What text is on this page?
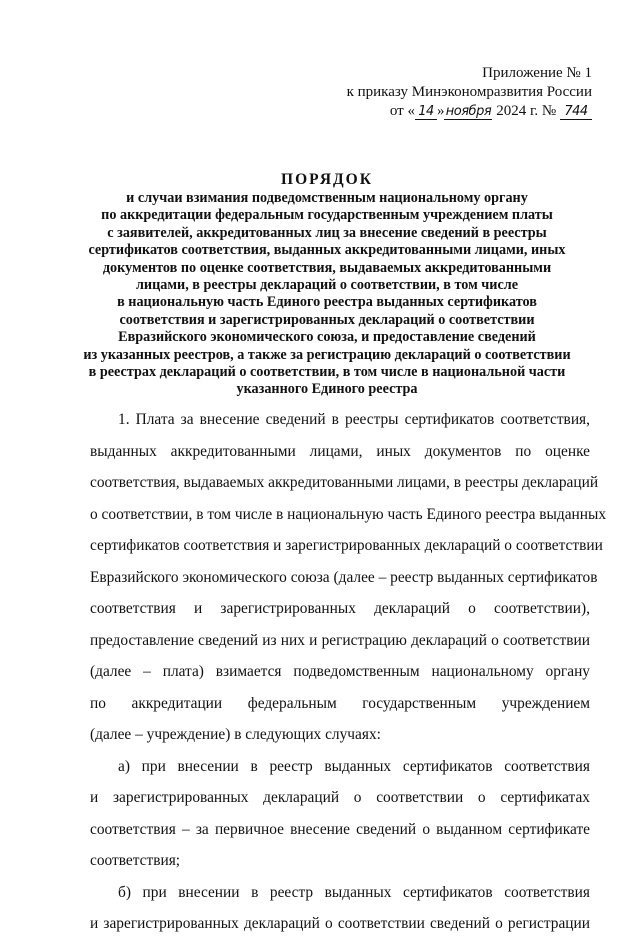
Приложение № 1
к приказу Минэкономразвития России
от « 14 »ноября 2024 г. № 744
ПОРЯДОК
и случаи взимания подведомственным национальному органу
по аккредитации федеральным государственным учреждением платы
с заявителей, аккредитованных лиц за внесение сведений в реестры
сертификатов соответствия, выданных аккредитованными лицами, иных
документов по оценке соответствия, выдаваемых аккредитованными
лицами, в реестры деклараций о соответствии, в том числе
в национальную часть Единого реестра выданных сертификатов
соответствия и зарегистрированных деклараций о соответствии
Евразийского экономического союза, и предоставление сведений
из указанных реестров, а также за регистрацию деклараций о соответствии
в реестрах деклараций о соответствии, в том числе в национальной части
указанного Единого реестра
1. Плата за внесение сведений в реестры сертификатов соответствия,
выданных аккредитованными лицами, иных документов по оценке
соответствия, выдаваемых аккредитованными лицами, в реестры деклараций
о соответствии, в том числе в национальную часть Единого реестра выданных
сертификатов соответствия и зарегистрированных деклараций о соответствии
Евразийского экономического союза (далее – реестр выданных сертификатов
соответствия и зарегистрированных деклараций о соответствии),
предоставление сведений из них и регистрацию деклараций о соответствии
(далее – плата) взимается подведомственным национальному органу
по аккредитации федеральным государственным учреждением
(далее – учреждение) в следующих случаях:
а) при внесении в реестр выданных сертификатов соответствия
и зарегистрированных деклараций о соответствии о сертификатах
соответствия – за первичное внесение сведений о выданном сертификате
соответствия;
б) при внесении в реестр выданных сертификатов соответствия
и зарегистрированных деклараций о соответствии сведений о регистрации
